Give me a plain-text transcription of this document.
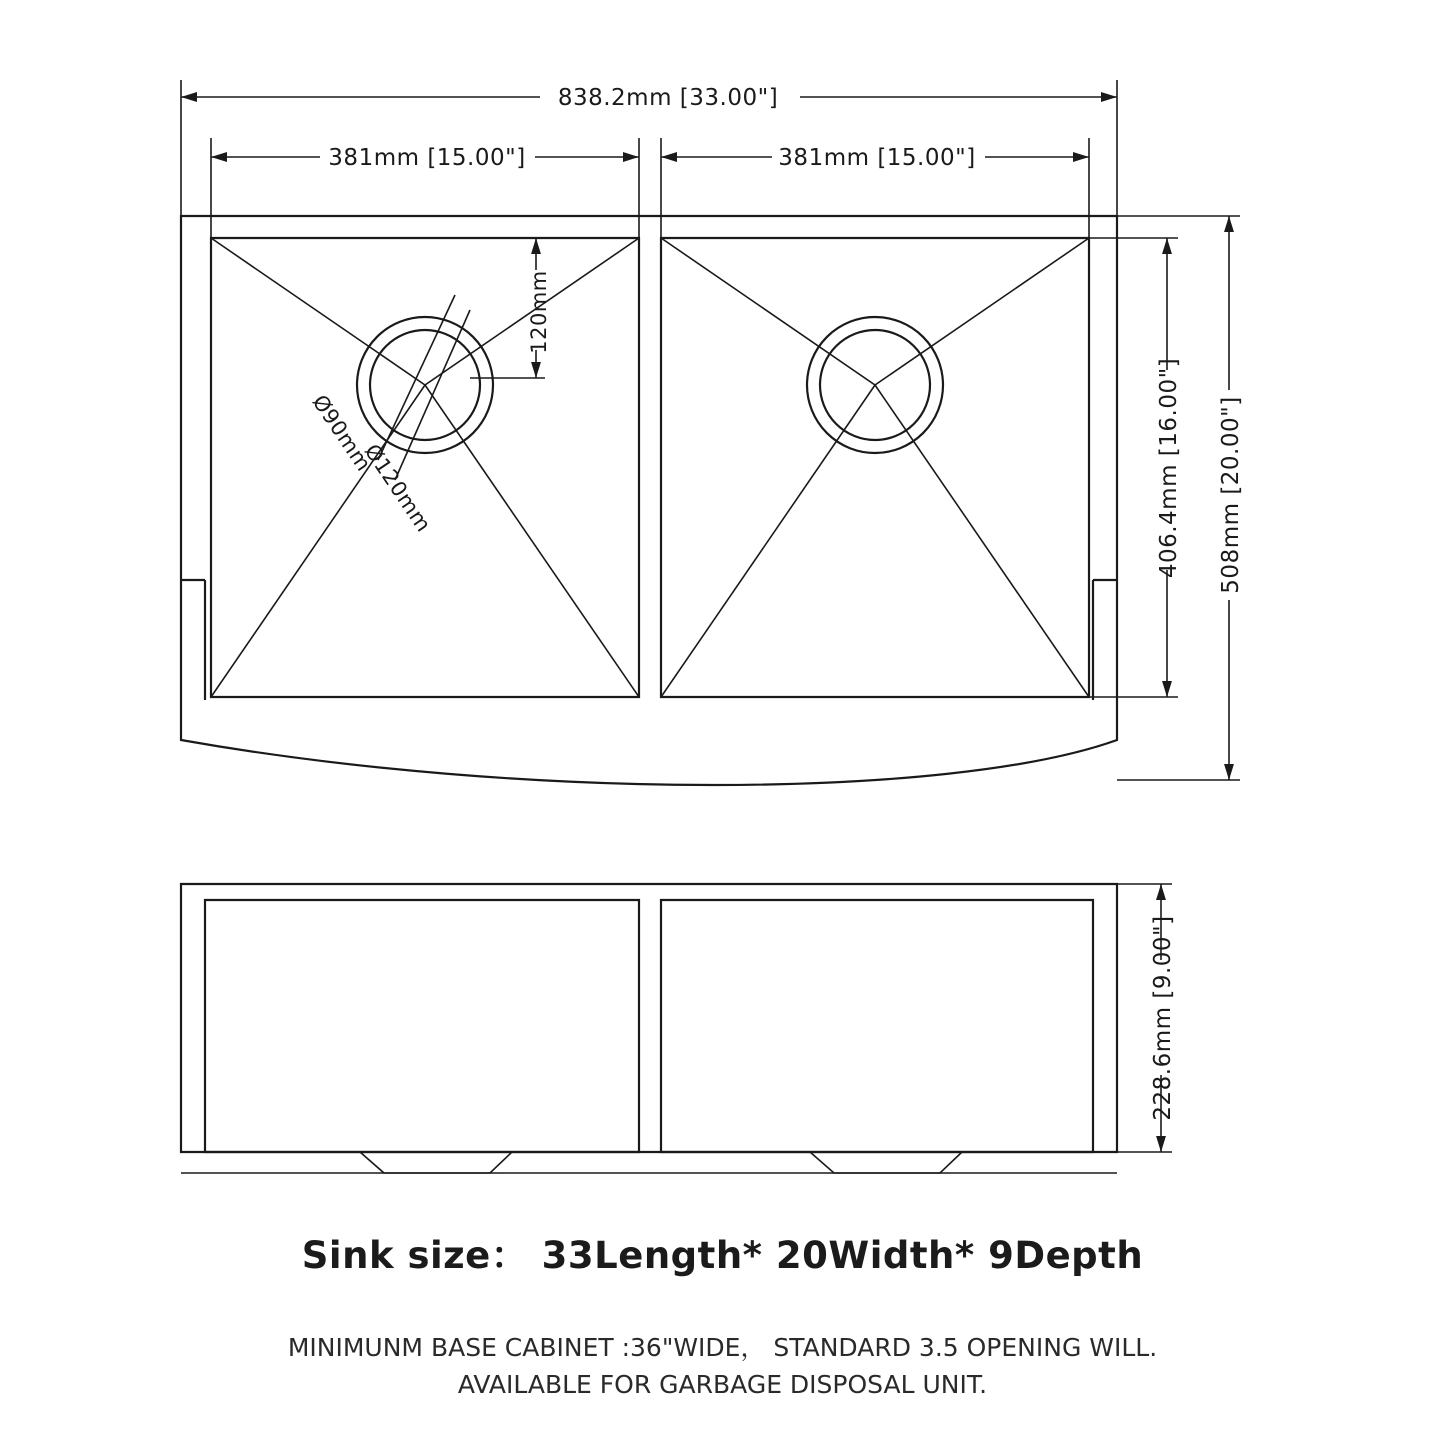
838.2mm [33.00"]
381mm [15.00"]	381mm [15.00"]
406.4mm [16.00"] 508mm [20.00"]
120mm
Ø90mm
Ø120mm
228.6mm [9.00"]
Sink size： 33Length* 20Width* 9Depth
MINIMUNM BASE CABINET :36"WIDE， STANDARD 3.5 OPENING WILL.
AVAILABLE FOR GARBAGE DISPOSAL UNIT.
